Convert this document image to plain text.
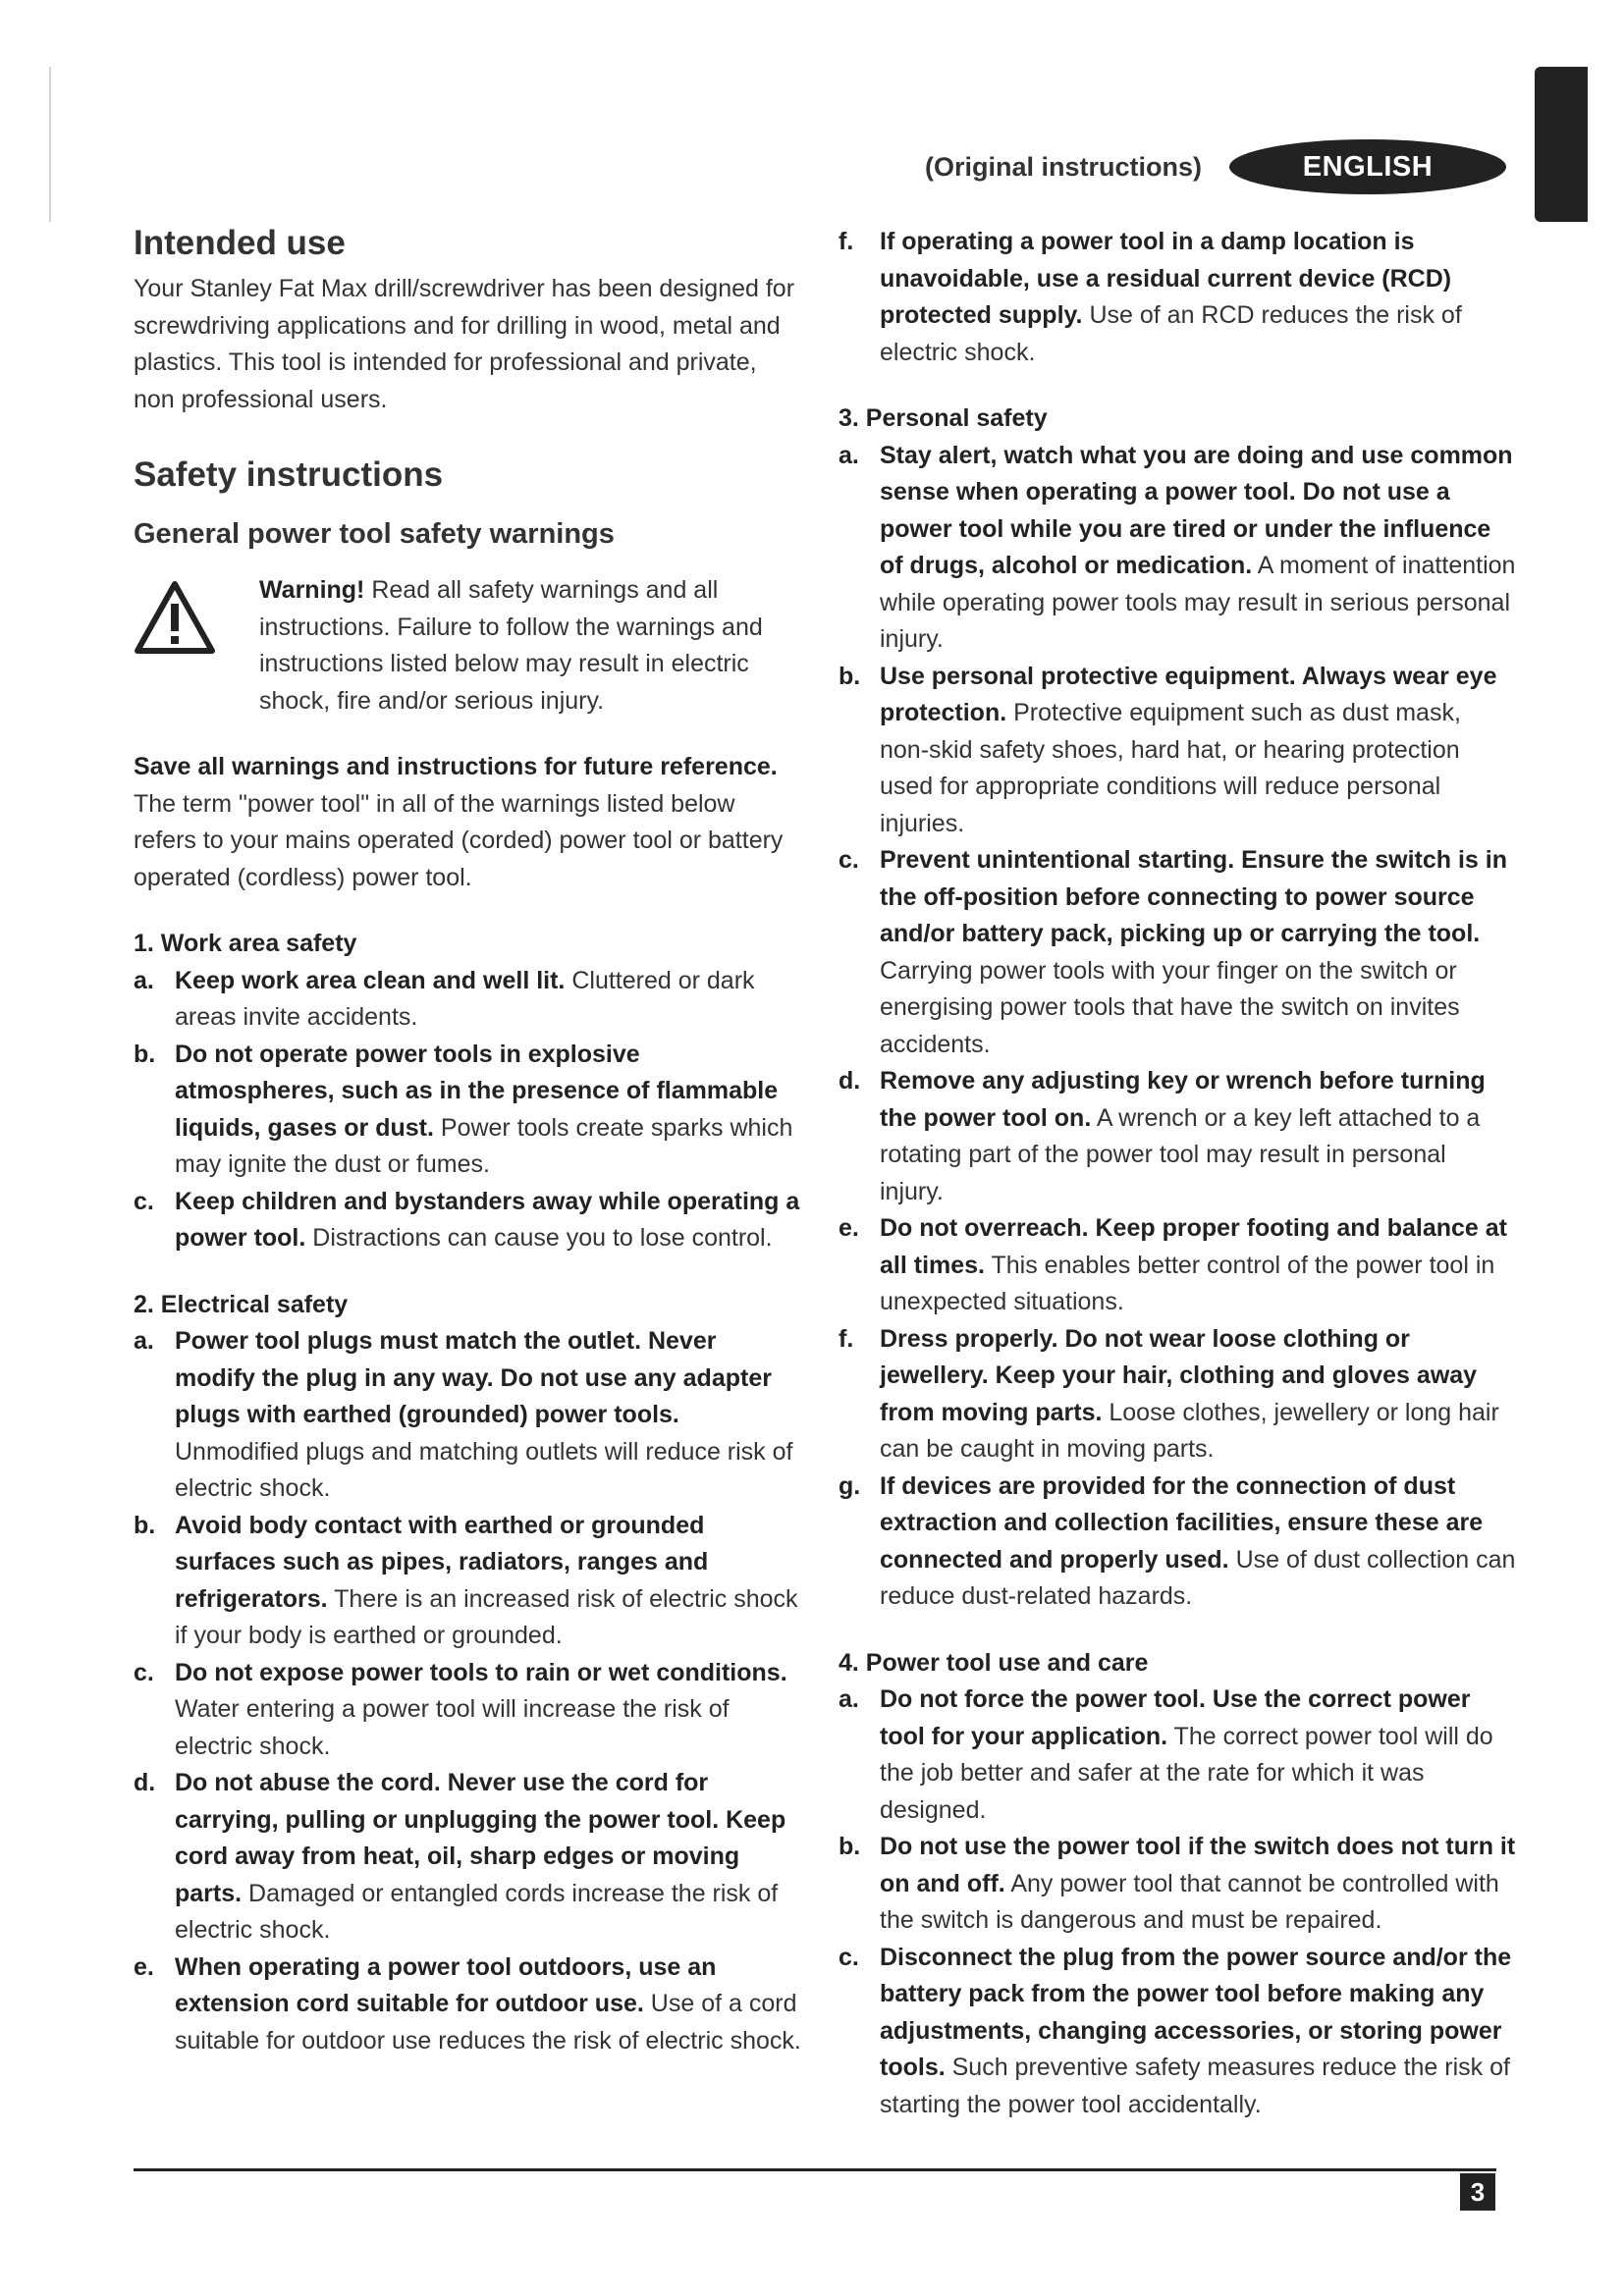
(Original instructions)	ENGLISH
Intended use

Your Stanley Fat Max drill/screwdriver has been designed for screwdriving applications and for drilling in wood, metal and plastics. This tool is intended for professional and private, non professional users.

Safety instructions
General power tool safety warnings

Warning! Read all safety warnings and all instructions. Failure to follow the warnings and instructions listed below may result in electric shock, fire and/or serious injury.

Save all warnings and instructions for future reference.

The term "power tool" in all of the warnings listed below refers to your mains operated (corded) power tool or battery operated (cordless) power tool.

1. Work area safety

a. Keep work area clean and well lit. Cluttered or dark areas invite accidents.

b. Do not operate power tools in explosive atmospheres, such as in the presence of flammable liquids, gases or dust. Power tools create sparks which may ignite the dust or fumes.

c. Keep children and bystanders away while operating a power tool. Distractions can cause you to lose control.

2. Electrical safety

a. Power tool plugs must match the outlet. Never modify the plug in any way. Do not use any adapter plugs with earthed (grounded) power tools. Unmodified plugs and matching outlets will reduce risk of electric shock.

b. Avoid body contact with earthed or grounded surfaces such as pipes, radiators, ranges and refrigerators. There is an increased risk of electric shock if your body is earthed or grounded.

c. Do not expose power tools to rain or wet conditions. Water entering a power tool will increase the risk of electric shock.

d. Do not abuse the cord. Never use the cord for carrying, pulling or unplugging the power tool. Keep cord away from heat, oil, sharp edges or moving parts. Damaged or entangled cords increase the risk of electric shock.

e. When operating a power tool outdoors, use an extension cord suitable for outdoor use. Use of a cord suitable for outdoor use reduces the risk of electric shock.

f. If operating a power tool in a damp location is unavoidable, use a residual current device (RCD) protected supply. Use of an RCD reduces the risk of electric shock.

3. Personal safety

a. Stay alert, watch what you are doing and use common sense when operating a power tool. Do not use a power tool while you are tired or under the influence of drugs, alcohol or medication. A moment of inattention while operating power tools may result in serious personal injury.

b. Use personal protective equipment. Always wear eye protection. Protective equipment such as dust mask, non-skid safety shoes, hard hat, or hearing protection used for appropriate conditions will reduce personal injuries.

c. Prevent unintentional starting. Ensure the switch is in the off-position before connecting to power source and/or battery pack, picking up or carrying the tool. Carrying power tools with your finger on the switch or energising power tools that have the switch on invites accidents.

d. Remove any adjusting key or wrench before turning the power tool on. A wrench or a key left attached to a rotating part of the power tool may result in personal injury.

e. Do not overreach. Keep proper footing and balance at all times. This enables better control of the power tool in unexpected situations.

f. Dress properly. Do not wear loose clothing or jewellery. Keep your hair, clothing and gloves away from moving parts. Loose clothes, jewellery or long hair can be caught in moving parts.

g. If devices are provided for the connection of dust extraction and collection facilities, ensure these are connected and properly used. Use of dust collection can reduce dust-related hazards.

4. Power tool use and care

a. Do not force the power tool. Use the correct power tool for your application. The correct power tool will do the job better and safer at the rate for which it was designed.

b. Do not use the power tool if the switch does not turn it on and off. Any power tool that cannot be controlled with the switch is dangerous and must be repaired.

c. Disconnect the plug from the power source and/or the battery pack from the power tool before making any adjustments, changing accessories, or storing power tools. Such preventive safety measures reduce the risk of starting the power tool accidentally.

3
